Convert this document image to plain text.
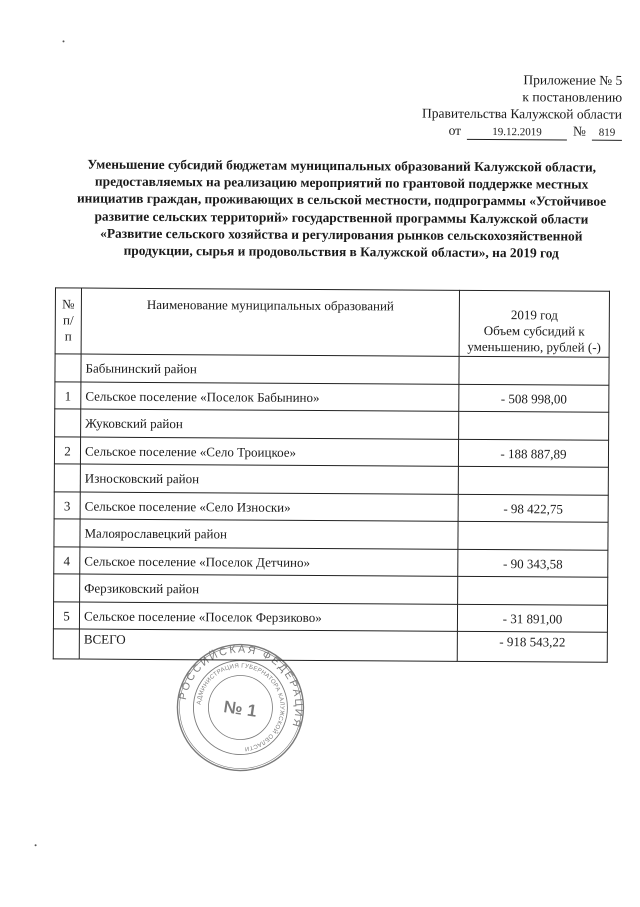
Приложение № 5
к постановлению
Правительства Калужской области
от	19.12.2019	№	819
Уменьшение субсидий бюджетам муниципальных образований Калужской области, предоставляемых на реализацию мероприятий по грантовой поддержке местных инициатив граждан, проживающих в сельской местности, подпрограммы «Устойчивое развитие сельских территорий» государственной программы Калужской области «Развитие сельского хозяйства и регулирования рынков сельскохозяйственной продукции, сырья и продовольствия в Калужской области», на 2019 год
№ п/п	Наименование муниципальных образований	2019 год
Объем субсидий к уменьшению, рублей (-)

	Бабынинский район	
1	Сельское поселение «Поселок Бабынино»	- 508 998,00
	Жуковский район	
2	Сельское поселение «Село Троицкое»	- 188 887,89
	Износковский район	
3	Сельское поселение «Село Износки»	- 98 422,75
	Малоярославецкий район	
4	Сельское поселение «Поселок Детчино»	- 90 343,58
	Ферзиковский район	
5	Сельское поселение «Поселок Ферзиково»	- 31 891,00
	ВСЕГО	- 918 543,22
РОССИЙСКАЯ ФЕДЕРАЦИЯ
АДМИНИСТРАЦИЯ ГУБЕРНАТОРА КАЛУЖСКОЙ ОБЛАСТИ
№ 1
